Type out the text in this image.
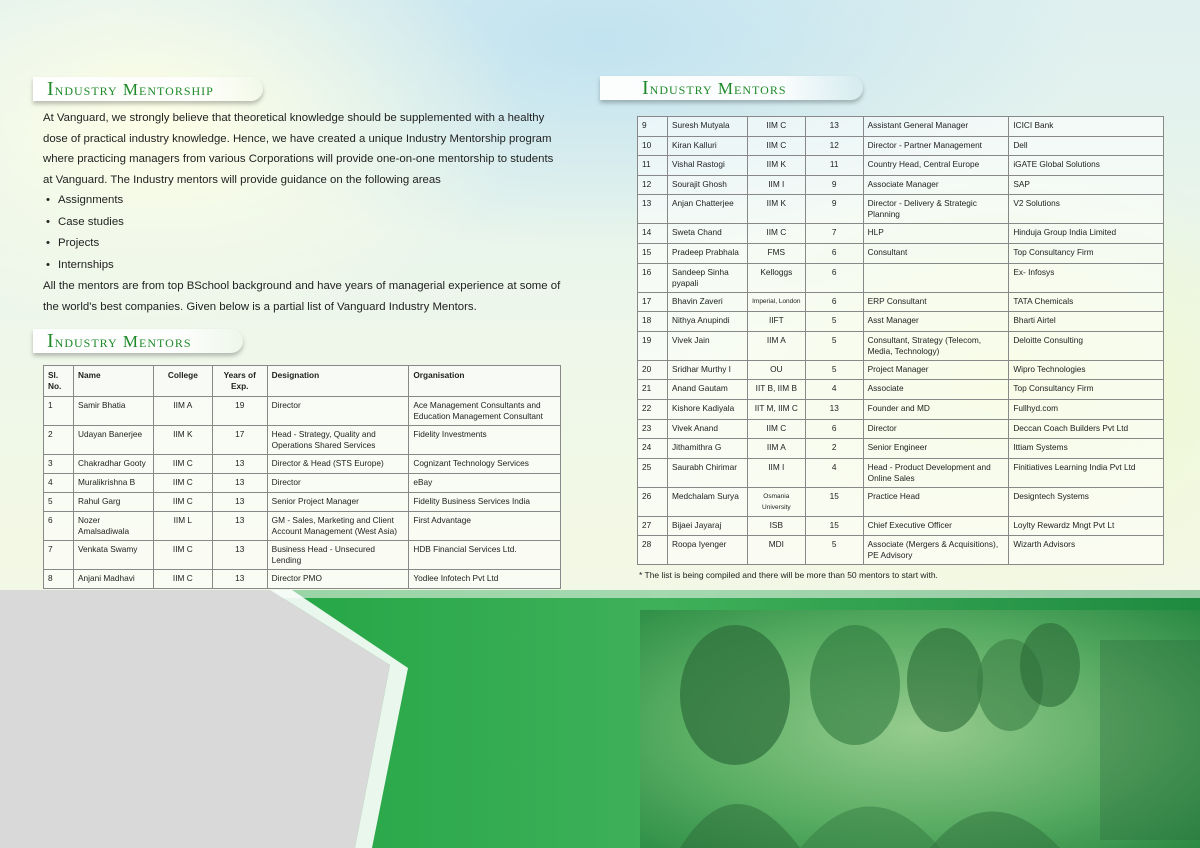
Industry Mentorship

At Vanguard, we strongly believe that theoretical knowledge should be supplemented with a healthy dose of practical industry knowledge. Hence, we have created a unique Industry Mentorship program where practicing managers from various Corporations will provide one-on-one mentorship to students at Vanguard. The Industry mentors will provide guidance on the following areas

• Assignments
• Case studies
• Projects
• Internships

All the mentors are from top BSchool background and have years of managerial experience at some of the world's best companies. Given below is a partial list of Vanguard Industry Mentors.

Industry Mentors
Sl. No.	Name	College	Years of Exp.	Designation	Organisation
1	Samir Bhatia	IIM A	19	Director	Ace Management Consultants and Education Management Consultant
2	Udayan Banerjee	IIM K	17	Head - Strategy, Quality and Operations Shared Services	Fidelity Investments
3	Chakradhar Gooty	IIM C	13	Director & Head (STS Europe)	Cognizant Technology Services
4	Muralikrishna B	IIM C	13	Director	eBay
5	Rahul Garg	IIM C	13	Senior Project Manager	Fidelity Business Services India
6	Nozer Amalsadiwala	IIM L	13	GM - Sales, Marketing and Client Account Management (West Asia)	First Advantage
7	Venkata Swamy	IIM C	13	Business Head - Unsecured Lending	HDB Financial Services Ltd.
8	Anjani Madhavi	IIM C	13	Director PMO	Yodlee Infotech Pvt Ltd
Industry Mentors
9	Suresh Mutyala	IIM C	13	Assistant General Manager	ICICI Bank
10	Kiran Kalluri	IIM C	12	Director - Partner Management	Dell
11	Vishal Rastogi	IIM K	11	Country Head, Central Europe	iGATE Global Solutions
12	Sourajit Ghosh	IIM I	9	Associate Manager	SAP
13	Anjan Chatterjee	IIM K	9	Director - Delivery & Strategic Planning	V2 Solutions
14	Sweta Chand	IIM C	7	HLP	Hinduja Group India Limited
15	Pradeep Prabhala	FMS	6	Consultant	Top Consultancy Firm
16	Sandeep Sinha pyapali	Kelloggs	6		Ex- Infosys
17	Bhavin Zaveri	Imperial, London	6	ERP Consultant	TATA Chemicals
18	Nithya Anupindi	IIFT	5	Asst Manager	Bharti Airtel
19	Vivek Jain	IIM A	5	Consultant, Strategy (Telecom, Media, Technology)	Deloitte Consulting
20	Sridhar Murthy I	OU	5	Project Manager	Wipro Technologies
21	Anand Gautam	IIT B, IIM B	4	Associate	Top Consultancy Firm
22	Kishore Kadiyala	IIT M, IIM C	13	Founder and MD	Fullhyd.com
23	Vivek Anand	IIM C	6	Director	Deccan Coach Builders Pvt Ltd
24	Jithamithra G	IIM A	2	Senior Engineer	Ittiam Systems
25	Saurabh Chirimar	IIM I	4	Head - Product Development and Online Sales	Finitiatives Learning India Pvt Ltd
26	Medchalam Surya	Osmania University	15	Practice Head	Designtech Systems
27	Bijaei Jayaraj	ISB	15	Chief Executive Officer	Loylty Rewardz Mngt Pvt Lt
28	Roopa Iyenger	MDI	5	Associate (Mergers & Acquisitions), PE Advisory	Wizarth Advisors
* The list is being compiled and there will be more than 50 mentors to start with.
